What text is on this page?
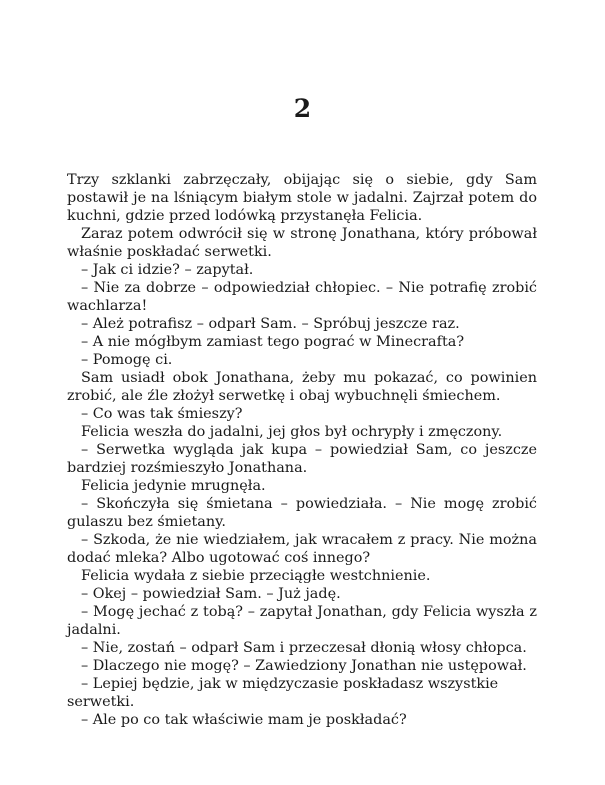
2

Trzy szklanki zabrzęczały, obijając się o siebie, gdy Sam postawił je na lśniącym białym stole w jadalni. Zajrzał potem do kuchni, gdzie przed lodówką przystanęła Felicia.

Zaraz potem odwrócił się w stronę Jonathana, który próbował właśnie poskładać serwetki.

– Jak ci idzie? – zapytał.

– Nie za dobrze – odpowiedział chłopiec. – Nie potrafię zrobić wachlarza!

– Ależ potrafisz – odparł Sam. – Spróbuj jeszcze raz.

– A nie mógłbym zamiast tego pograć w Minecrafta?

– Pomogę ci.

Sam usiadł obok Jonathana, żeby mu pokazać, co powinien zrobić, ale źle złożył serwetkę i obaj wybuchnęli śmiechem.

– Co was tak śmieszy?

Felicia weszła do jadalni, jej głos był ochrypły i zmęczony.

– Serwetka wygląda jak kupa – powiedział Sam, co jeszcze bardziej rozśmieszyło Jonathana.

Felicia jedynie mrugnęła.

– Skończyła się śmietana – powiedziała. – Nie mogę zrobić gulaszu bez śmietany.

– Szkoda, że nie wiedziałem, jak wracałem z pracy. Nie można dodać mleka? Albo ugotować coś innego?

Felicia wydała z siebie przeciągłe westchnienie.

– Okej – powiedział Sam. – Już jadę.

– Mogę jechać z tobą? – zapytał Jonathan, gdy Felicia wyszła z jadalni.

– Nie, zostań – odparł Sam i przeczesał dłonią włosy chłopca.

– Dlaczego nie mogę? – Zawiedziony Jonathan nie ustępował.

– Lepiej będzie, jak w międzyczasie poskładasz wszystkie serwetki.

– Ale po co tak właściwie mam je poskładać?
